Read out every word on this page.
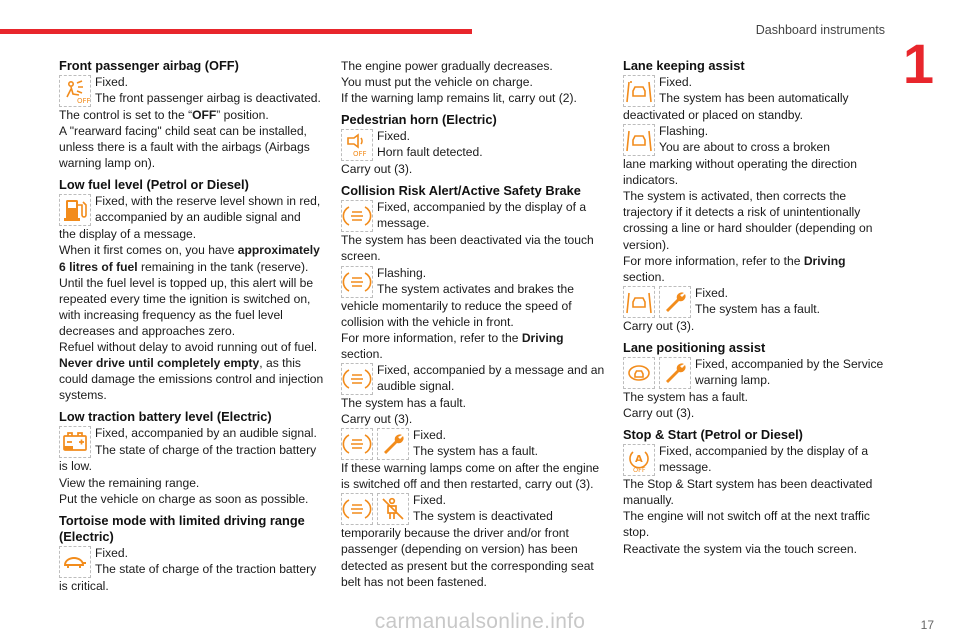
Dashboard instruments
1
Front passenger airbag (OFF)
OFF

Fixed.

The front passenger airbag is deactivated.

The control is set to the “OFF” position.

A "rearward facing" child seat can be installed, unless there is a fault with the airbags (Airbags warning lamp on).

Low fuel level (Petrol or Diesel)

Fixed, with the reserve level shown in red, accompanied by an audible signal and

the display of a message.

When it first comes on, you have approximately 6 litres of fuel remaining in the tank (reserve).

Until the fuel level is topped up, this alert will be repeated every time the ignition is switched on, with increasing frequency as the fuel level decreases and approaches zero.

Refuel without delay to avoid running out of fuel.

Never drive until completely empty, as this could damage the emissions control and injection systems.

Low traction battery level (Electric)

Fixed, accompanied by an audible signal. The state of charge of the traction battery

is low.

View the remaining range.

Put the vehicle on charge as soon as possible.

Tortoise mode with limited driving range (Electric)

Fixed.

The state of charge of the traction battery

is critical.

The engine power gradually decreases.

You must put the vehicle on charge.

If the warning lamp remains lit, carry out (2).

Pedestrian horn (Electric)
OFF

Fixed.

Horn fault detected.

Carry out (3).

Collision Risk Alert/Active Safety Brake

Fixed, accompanied by the display of a message.

The system has been deactivated via the touch screen.

Flashing.

The system activates and brakes the

vehicle momentarily to reduce the speed of collision with the vehicle in front.

For more information, refer to the Driving

section.

Fixed, accompanied by a message and an audible signal.

The system has a fault.

Carry out (3).

Fixed.

The system has a fault.

If these warning lamps come on after the engine is switched off and then restarted, carry out (3).

Fixed.

The system is deactivated

temporarily because the driver and/or front passenger (depending on version) has been detected as present but the corresponding seat belt has not been fastened.

Lane keeping assist

Fixed.

The system has been automatically

deactivated or placed on standby.

Flashing.

You are about to cross a broken

lane marking without operating the direction indicators.

The system is activated, then corrects the trajectory if it detects a risk of unintentionally crossing a line or hard shoulder (depending on version).

For more information, refer to the Driving

section.

Fixed.

The system has a fault.

Carry out (3).

Lane positioning assist

Fixed, accompanied by the Service warning lamp.

The system has a fault.

Carry out (3).

Stop & Start (Petrol or Diesel)
A
OFF

Fixed, accompanied by the display of a message.

The Stop & Start system has been deactivated manually.

The engine will not switch off at the next traffic stop.

Reactivate the system via the touch screen.

carmanualsonline.info	17
